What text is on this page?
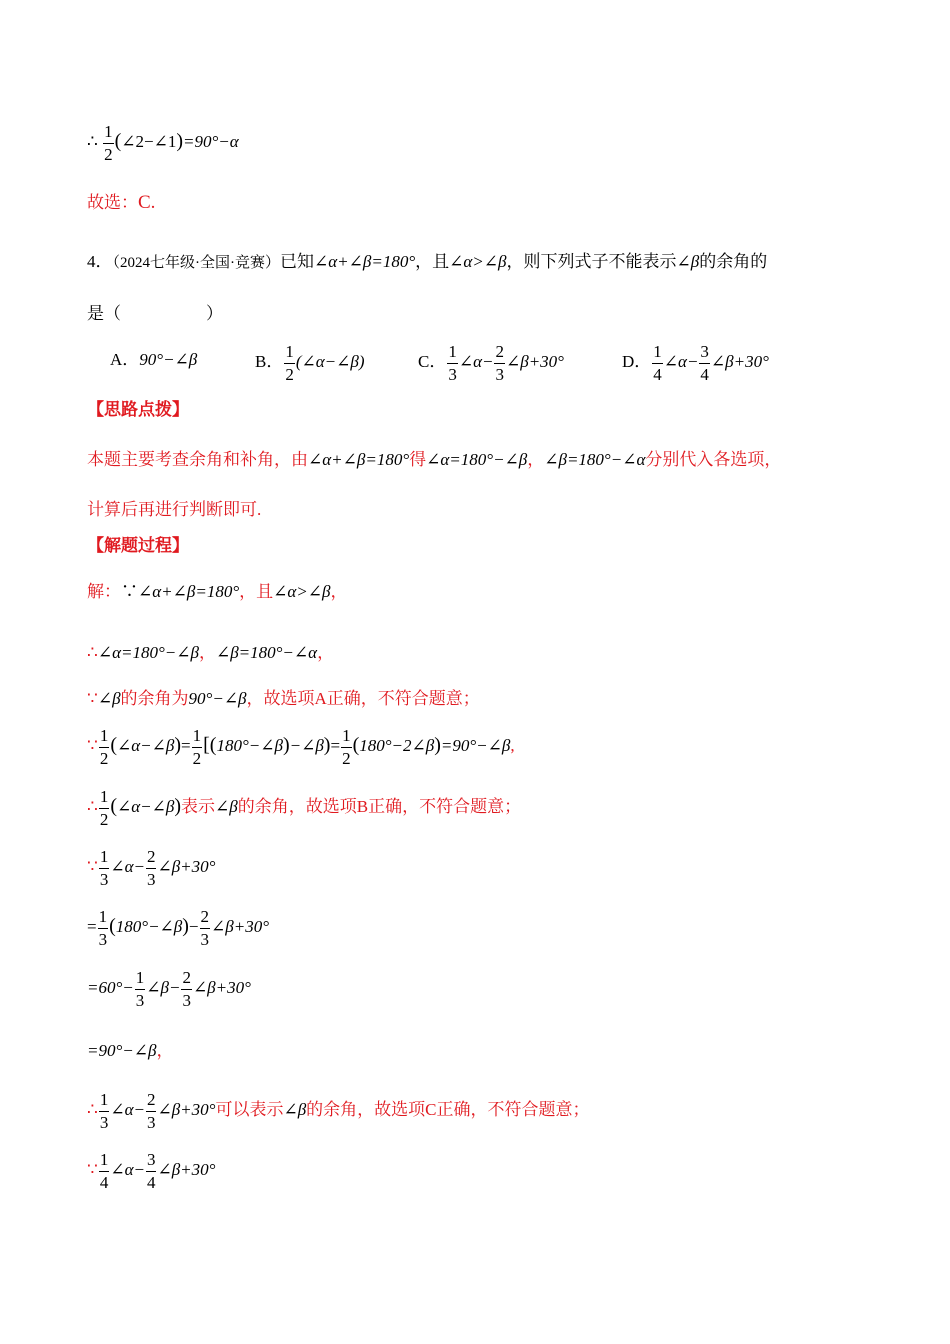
∴ $\frac{1}{2}$ (∠2−∠1)=90°−α
故选：C.
4．（2024七年级·全国·竞赛）已知∠α+∠β=180°，且∠α>∠β，则下列式子不能表示∠β的余角的
是（　　　　　）
A．90°−∠β	B． $\frac{1}{2}$ (∠α−∠β)	C． $\frac{1}{3}$ ∠α− $\frac{2}{3}$ ∠β+30°	D． $\frac{1}{4}$ ∠α− $\frac{3}{4}$ ∠β+30°
【思路点拨】
本题主要考查余角和补角，由∠α+∠β=180°得∠α=180°−∠β，∠β=180°−∠α分别代入各选项，
计算后再进行判断即可.
【解题过程】
解：∵∠α+∠β=180°，且∠α>∠β，
∴∠α=180°−∠β，∠β=180°−∠α，
∵∠β的余角为90°−∠β，故选项A正确，不符合题意；
∵ $\frac{1}{2}$ (∠α−∠β)= $\frac{1}{2}$ [(180°−∠β)−∠β)= $\frac{1}{2}$ (180°−2∠β)=90°−∠β,
∴ $\frac{1}{2}$ (∠α−∠β)表示∠β的余角，故选项B正确，不符合题意；
∵ $\frac{1}{3}$ ∠α− $\frac{2}{3}$ ∠β+30°
= $\frac{1}{3}$ (180°−∠β)− $\frac{2}{3}$ ∠β+30°
$=60^\circ- \frac{1}{3}$ ∠β− $\frac{2}{3}$ ∠β+30°
=90°−∠β，
∴ $\frac{1}{3}$ ∠α− $\frac{2}{3}$ ∠β+30°可以表示∠β的余角，故选项C正确，不符合题意；
∵ $\frac{1}{4}$ ∠α− $\frac{3}{4}$ ∠β+30°
